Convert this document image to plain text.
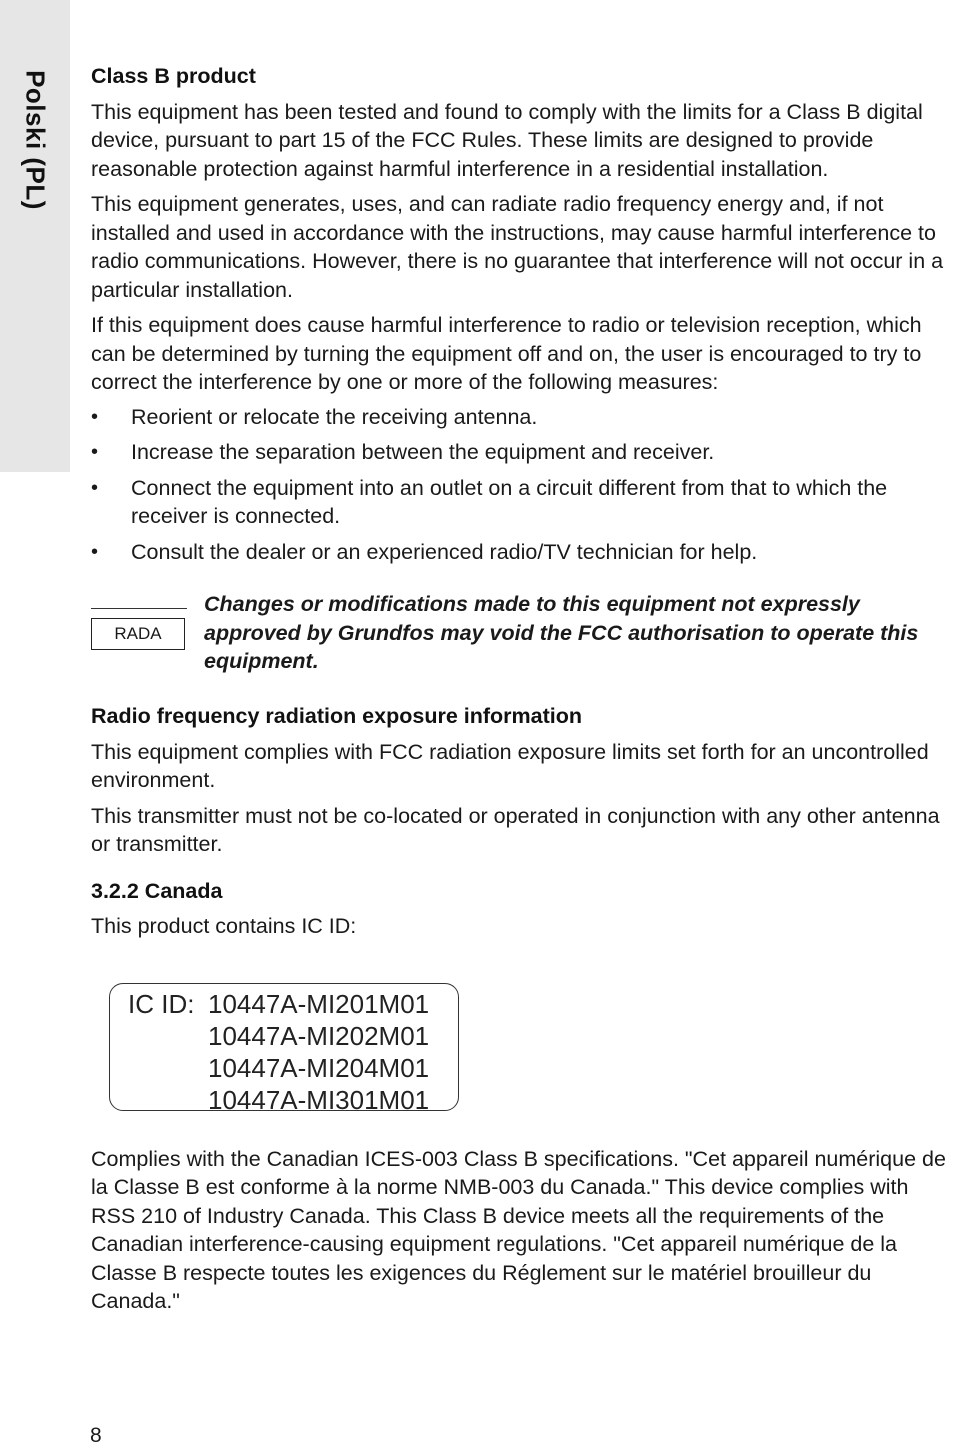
Polski (PL) Class B product

This equipment has been tested and found to comply with the limits for a Class B digital device, pursuant to part 15 of the FCC Rules. These limits are designed to provide reasonable protection against harmful interference in a residential installation.

This equipment generates, uses, and can radiate radio frequency energy and, if not installed and used in accordance with the instructions, may cause harmful interference to radio communications. However, there is no guarantee that interference will not occur in a particular installation.

If this equipment does cause harmful interference to radio or television reception, which can be determined by turning the equipment off and on, the user is encouraged to try to correct the interference by one or more of the following measures:

• Reorient or relocate the receiving antenna.
• Increase the separation between the equipment and receiver.
• Connect the equipment into an outlet on a circuit different from that to which the receiver is connected.
• Consult the dealer or an experienced radio/TV technician for help.
RADA
Changes or modifications made to this equipment not expressly approved by Grundfos may void the FCC authorisation to operate this equipment.
Radio frequency radiation exposure information

This equipment complies with FCC radiation exposure limits set forth for an uncontrolled environment.

This transmitter must not be co-located or operated in conjunction with any other antenna or transmitter.

3.2.2 Canada

This product contains IC ID:

IC ID: 10447A-MI201M01
10447A-MI202M01
10447A-MI204M01
10447A-MI301M01

Complies with the Canadian ICES-003 Class B specifications. "Cet appareil numérique de la Classe B est conforme à la norme NMB-003 du Canada." This device complies with RSS 210 of Industry Canada. This Class B device meets all the requirements of the Canadian interference-causing equipment regulations. "Cet appareil numérique de la Classe B respecte toutes les exigences du Réglement sur le matériel brouilleur du Canada."

8
